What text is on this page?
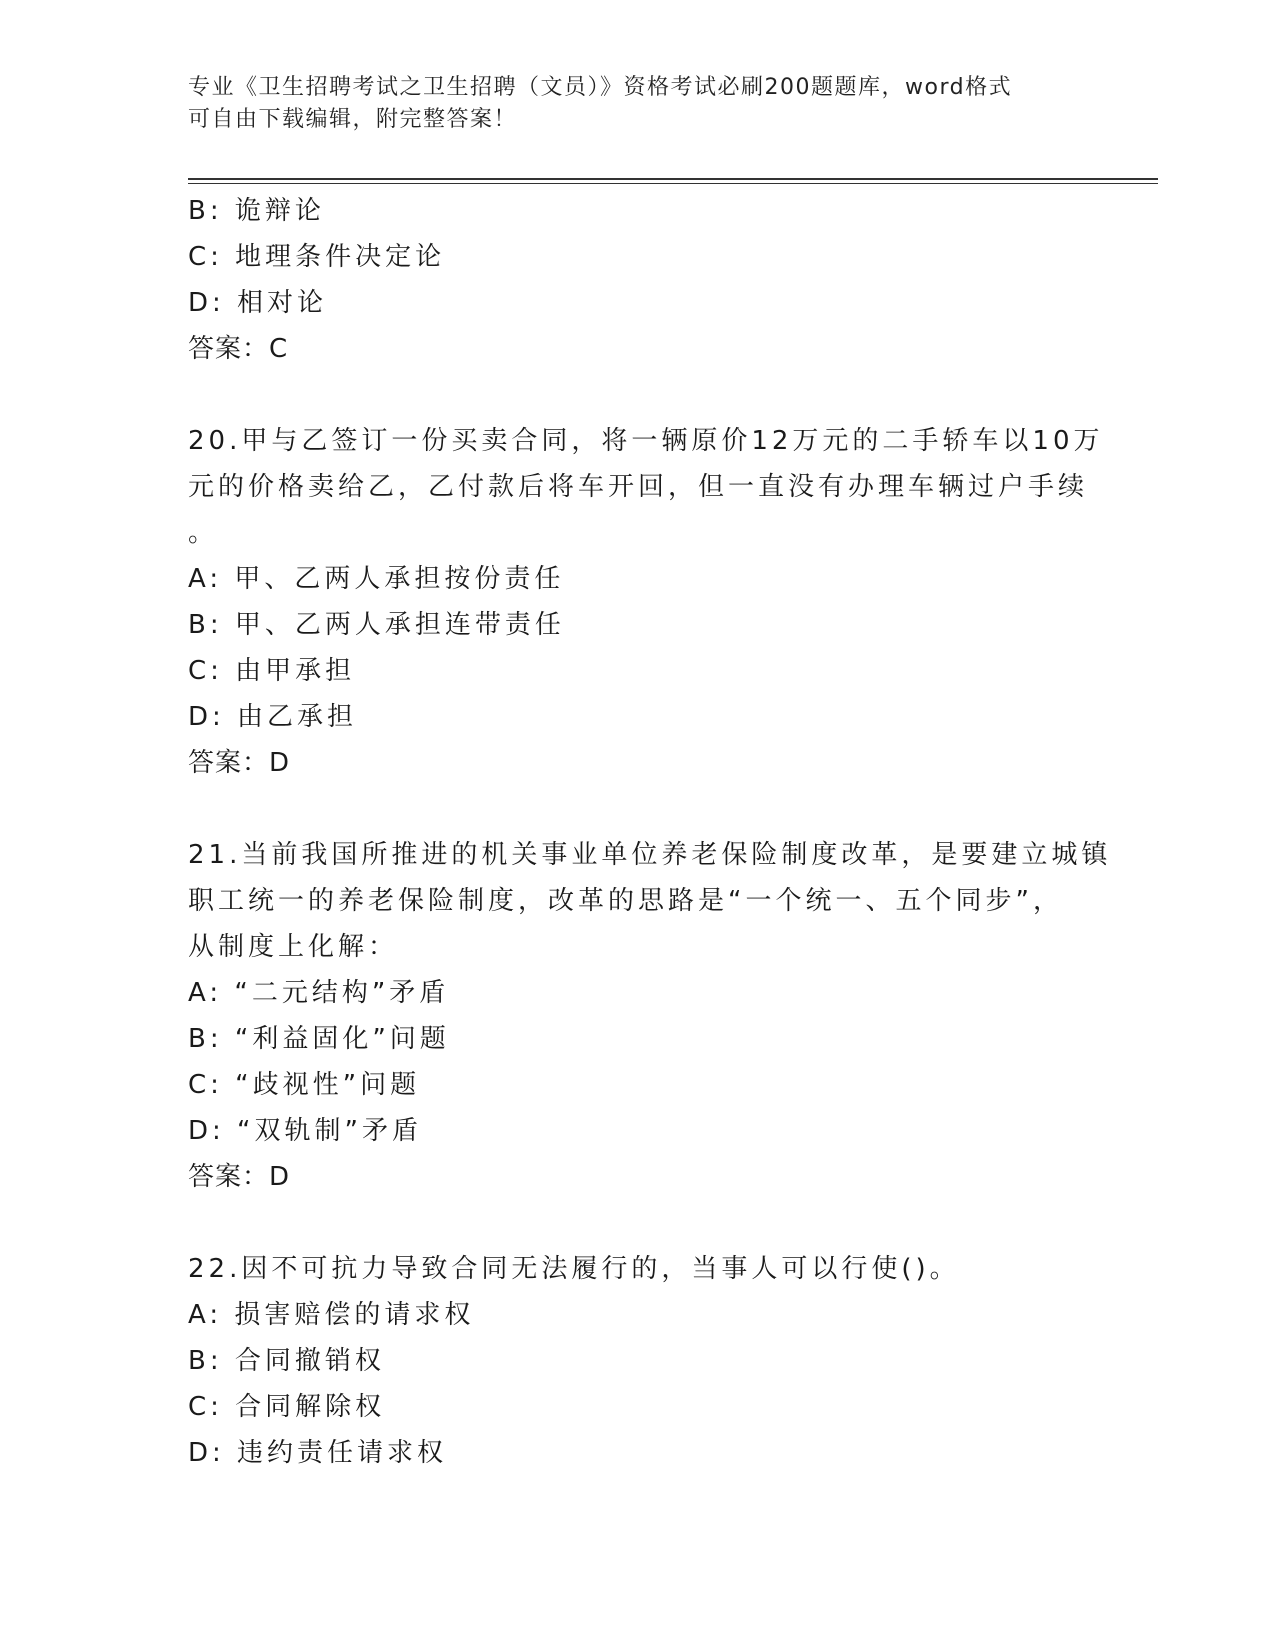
专业《卫生招聘考试之卫生招聘（文员）》资格考试必刷200题题库，word格式
可自由下载编辑，附完整答案！
B: 诡辩论
C: 地理条件决定论
D: 相对论
答案：C
20.甲与乙签订一份买卖合同，将一辆原价12万元的二手轿车以10万
元的价格卖给乙，乙付款后将车开回，但一直没有办理车辆过户手续
。
A: 甲、乙两人承担按份责任
B: 甲、乙两人承担连带责任
C: 由甲承担
D: 由乙承担
答案：D
21.当前我国所推进的机关事业单位养老保险制度改革，是要建立城镇
职工统一的养老保险制度，改革的思路是“一个统一、五个同步”，
从制度上化解：
A: “二元结构”矛盾
B: “利益固化”问题
C: “歧视性”问题
D: “双轨制”矛盾
答案：D
22.因不可抗力导致合同无法履行的，当事人可以行使()。
A: 损害赔偿的请求权
B: 合同撤销权
C: 合同解除权
D: 违约责任请求权
